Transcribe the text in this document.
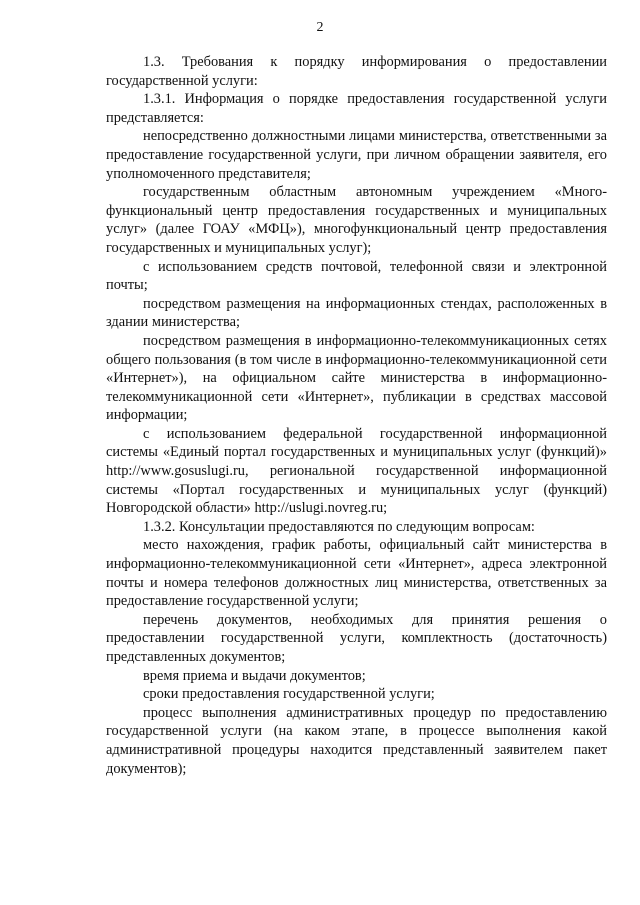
2

1.3. Требования к порядку информирования о предоставлении государственной услуги:

1.3.1. Информация о порядке предоставления государственной услуги представляется:

непосредственно должностными лицами министерства, ответственными за предоставление государственной услуги, при личном обращении заявителя, его уполномоченного представителя;

государственным областным автономным учреждением «Много-функциональный центр предоставления государственных и муниципальных услуг» (далее ГОАУ «МФЦ»), многофункциональный центр предоставления государственных и муниципальных услуг);

с использованием средств почтовой, телефонной связи и электронной почты;

посредством размещения на информационных стендах, расположенных в здании министерства;

посредством размещения в информационно-телекоммуникационных сетях общего пользования (в том числе в информационно-телекоммуникационной сети «Интернет»), на официальном сайте министерства в информационно-телекоммуникационной сети «Интернет», публикации в средствах массовой информации;

с использованием федеральной государственной информационной системы «Единый портал государственных и муниципальных услуг (функций)» http://www.gosuslugi.ru, региональной государственной информационной системы «Портал государственных и муниципальных услуг (функций) Новгородской области» http://uslugi.novreg.ru;

1.3.2. Консультации предоставляются по следующим вопросам:

место нахождения, график работы, официальный сайт министерства в информационно-телекоммуникационной сети «Интернет», адреса электронной почты и номера телефонов должностных лиц министерства, ответственных за предоставление государственной услуги;

перечень документов, необходимых для принятия решения о предоставлении государственной услуги, комплектность (достаточность) представленных документов;

время приема и выдачи документов;

сроки предоставления государственной услуги;

процесс выполнения административных процедур по предоставлению государственной услуги (на каком этапе, в процессе выполнения какой административной процедуры находится представленный заявителем пакет документов);
